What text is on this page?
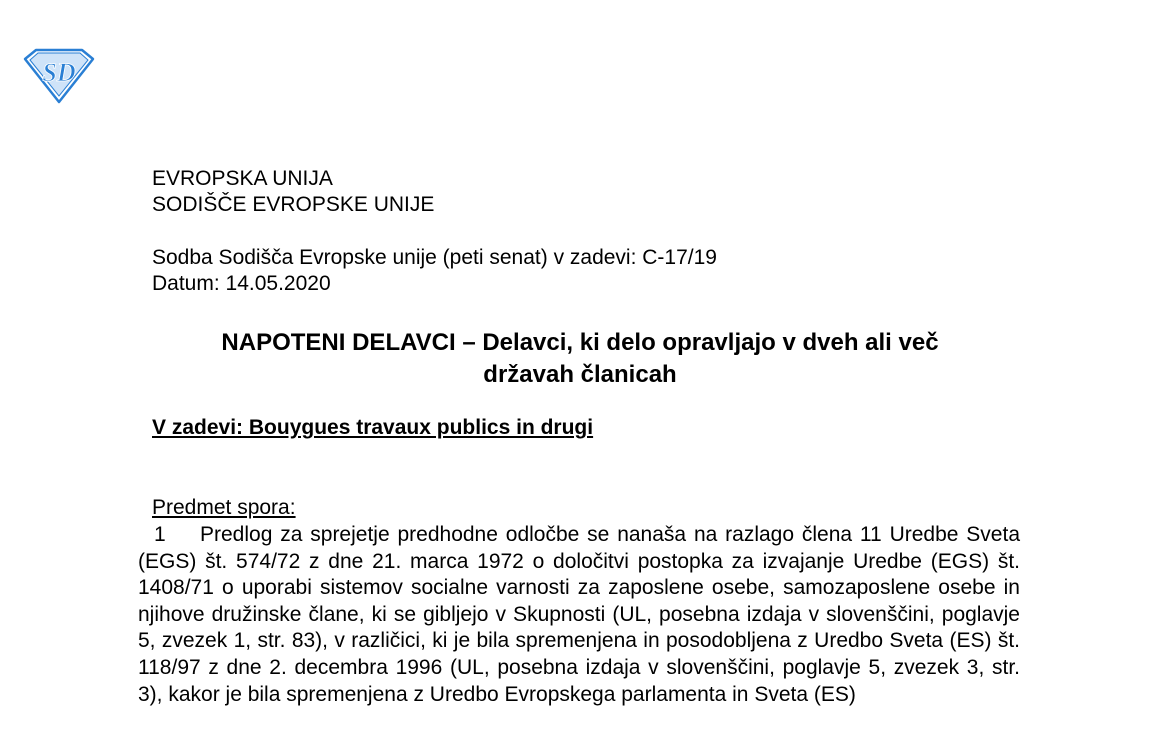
SD
EVROPSKA UNIJA
SODIŠČE EVROPSKE UNIJE
Sodba Sodišča Evropske unije (peti senat) v zadevi: C-17/19
Datum: 14.05.2020
NAPOTENI DELAVCI – Delavci, ki delo opravljajo v dveh ali več
državah članicah
V zadevi: Bouygues travaux publics in drugi
Predmet spora:
1 Predlog za sprejetje predhodne odločbe se nanaša na razlago člena 11 Uredbe Sveta (EGS) št. 574/72 z dne 21. marca 1972 o določitvi postopka za izvajanje Uredbe (EGS) št. 1408/71 o uporabi sistemov socialne varnosti za zaposlene osebe, samozaposlene osebe in njihove družinske člane, ki se gibljejo v Skupnosti (UL, posebna izdaja v slovenščini, poglavje 5, zvezek 1, str. 83), v različici, ki je bila spremenjena in posodobljena z Uredbo Sveta (ES) št. 118/97 z dne 2. decembra 1996 (UL, posebna izdaja v slovenščini, poglavje 5, zvezek 3, str. 3), kakor je bila spremenjena z Uredbo Evropskega parlamenta in Sveta (ES)
